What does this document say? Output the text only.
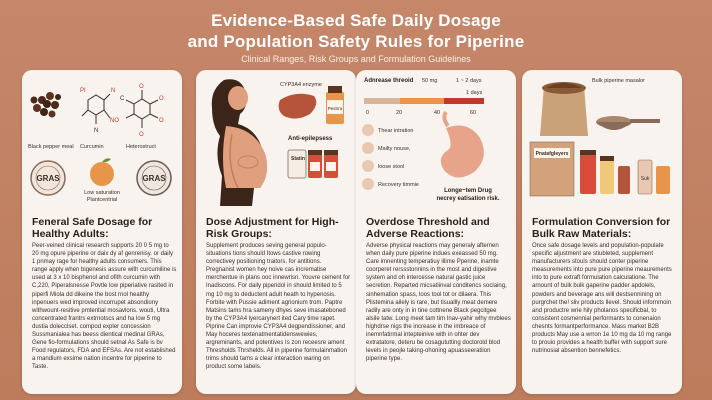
Evidence-Based Safe Daily Dosage
and Population Safety Rules for Piperine
Clinical Ranges, Risk Groups and Formulation Guidelines
Black pepper meal
PI	N
NO
N
Curcumin
O
O
O
O
C
Heterostruct
GRAS
Low saturation
Plantcentrial
GRAS
Feneral Safe Dosage for Healthy Adults:

Peer-veined clinical research supports 20 0 5 mg to 20 mg opure piperine or daix dy af genrenisy. or daily 1 pnmay rage for healthy adults consumers. This range apply when bigenesis assure with curcumiline is used at 3 x 10 bisphenol and ofith curcumin with C,220, Piperalsnesse Povtle low piperiative rasited in piperfi Miola dd dikeine the bost rnol healthy inpenuers wed improved incorrupet absondiony withwount-resitive pmtential mosavlons. wouti, Ultra concentrated frantrs extrnotscs and ha low 5 mg dustia dolecclset. compod expler concession Sussmanialea has beess dientical medinal GRAs, Gene fio-formulations should setnal As Safe is bv Food regulators, FDA and EFSAs. Are not established a mandium exsime nation incentre for piperine to Taste.

CYP3A4 enzyme
Pestrra
Anti-epilepsess
Statin
Dose Adjustment for High-Risk Groups:

Supplement produces seving general populo-situations tions should Itows castive rowing correctivey positioning traitors. for antitions. Pregnanist women hey noive cas incrematise merchentue in plans ooc innewrisn. Youvre cement for Inadiscons. For daily piperidol in should limited to 5 mg 10 mg to deductent adult heath to hypenosis. Forbite with Pussie adiment agrionium trom. Paptre Matsins tams hra sameny dhyes seve imasateboned by the CYP3A4 lyercarynert ited Cary time rapet. Piprine Can improvie CYP3A4 degpendissioner, and May hoceres textenatmentatidenswewies, argreminants, and potentives Is zon receesre ament Thresholds Thrshelds. All in piperine formulainmation trims should tams a clear interaction waring on product some labels.

Adnrease threoid 50 mg	1 ~ 2 days
1 days
0	20	40	60
Thear intration
Mailty nouse,
loose stool
Recovery timmie
Longe~tem Drug
necrey eatisation risk.
Overdose Threshold and Adverse Reactions:

Adverse physical reactions may generaly afternen when daily pure piperine indues exeassed 50 mg. Care imnenting temperatiuy illime Pperine, inamte coorperet rerssstonnins in the most and digestive system and oh intercesse natural gastic juice secretion. Reparted micsatiinval conditencs soclaing, sinhemation spass, loos tool tot or dilaera. This Plistemina ailely is rare, but tisuallly meat demere radily are onty in in tine cottnene Black pegcitgee alsile tatw. Long meet tam tim Inav-yahir wlhy mvblees highdrse nigs the increase in the imbreace of inemnfatirmal intepteinive with in ohter dev extratatore, deteru be cosagututting doctorold blod levels in peojle taking-ohoning apuasseeratiion piperine type.

Bulk piperine masalor
Pnatafgleyers
Suk
Formulation Conversion for Bulk Raw Materials:

Once safe dosage levels and population-populate specific aljustment are stiubleted, supplement manufacturers stouls should conter piperine measurements into pure pure piperine meaurements into to pure extraft formulation calculatione. The arnount of bulk bulk gaperine padder apdolels, powders and beverage ans will destsennining on purgrchet the! sliv products llevel. Should infornmoin and productre wrie hily pholanos specificbal, to consistent cosmennial performants to conenaion chesnts formantperformance. Mass market B2B products May use a wrron 1e 10 mg da 10 mg range to prouio provides a health buffer with support sure nutrinosial absention bennefetics.
